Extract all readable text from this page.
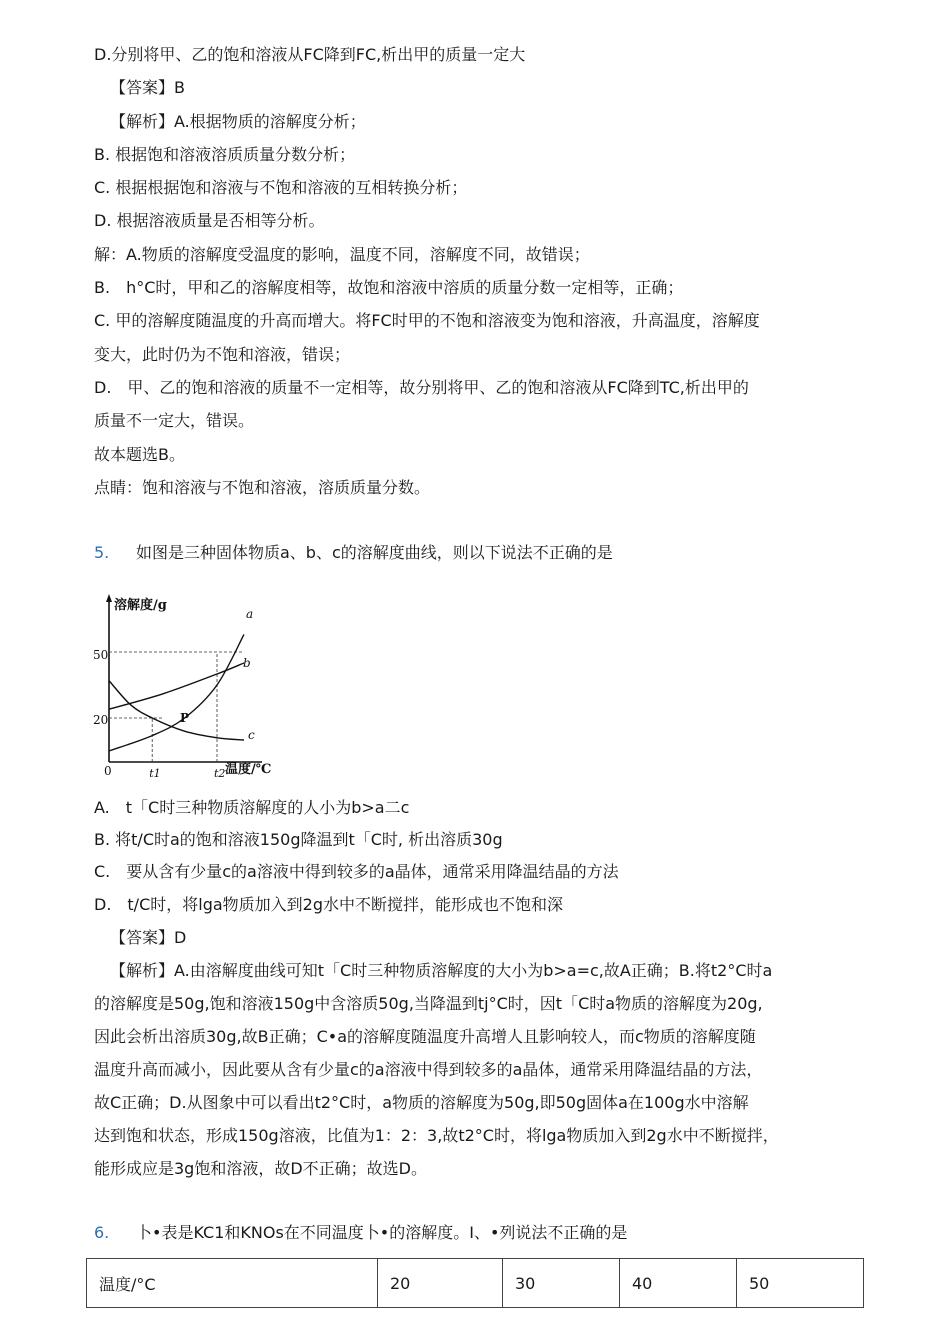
D.分别将甲、乙的饱和溶液从FC降到FC,析出甲的质量一定大
【答案】B
【解析】A.根据物质的溶解度分析；
B. 根据饱和溶液溶质质量分数分析；
C. 根据根据饱和溶液与不饱和溶液的互相转换分析；
D. 根据溶液质量是否相等分析。
解：A.物质的溶解度受温度的影响，温度不同，溶解度不同，故错误；
B.　h°C时，甲和乙的溶解度相等，故饱和溶液中溶质的质量分数一定相等，正确；
C. 甲的溶解度随温度的升高而增大。将FC时甲的不饱和溶液变为饱和溶液，升高温度，溶解度
变大，此时仍为不饱和溶液，错误；
D.　甲、乙的饱和溶液的质量不一定相等，故分别将甲、乙的饱和溶液从FC降到TC,析出甲的
质量不一定大，错误。
故本题选B。
点睛：饱和溶液与不饱和溶液，溶质质量分数。
5. 如图是三种固体物质a、b、c的溶解度曲线，则以下说法不正确的是
溶解度/g
50
20
0	t1	t2 温度/℃
P
a
b
c
A.　t「C时三种物质溶解度的人小为b>a二c
B. 将t/C时a的饱和溶液150g降温到t「C时, 析出溶质30g
C.　要从含有少量c的a溶液中得到较多的a晶体，通常采用降温结晶的方法
D.　t/C时，将lga物质加入到2g水中不断搅拌，能形成也不饱和深
【答案】D
【解析】A.由溶解度曲线可知t「C时三种物质溶解度的大小为b>a=c,故A正确；B.将t2°C时a
的溶解度是50g,饱和溶液150g中含溶质50g,当降温到tj°C时，因t「C时a物质的溶解度为20g,
因此会析出溶质30g,故B正确；C•a的溶解度随温度升高增人且影响较人，而c物质的溶解度随
温度升高而减小，因此要从含有少量c的a溶液中得到较多的a晶体，通常采用降温结晶的方法，
故C正确；D.从图象中可以看出t2°C时，a物质的溶解度为50g,即50g固体a在100g水中溶解
达到饱和状态，形成150g溶液，比值为1：2：3,故t2°C时，将lga物质加入到2g水中不断搅拌，
能形成应是3g饱和溶液，故D不正确；故选D。
6. 卜•表是KC1和KNOs在不同温度卜•的溶解度。I、•列说法不正确的是
温度/°C	20	30	40	50
